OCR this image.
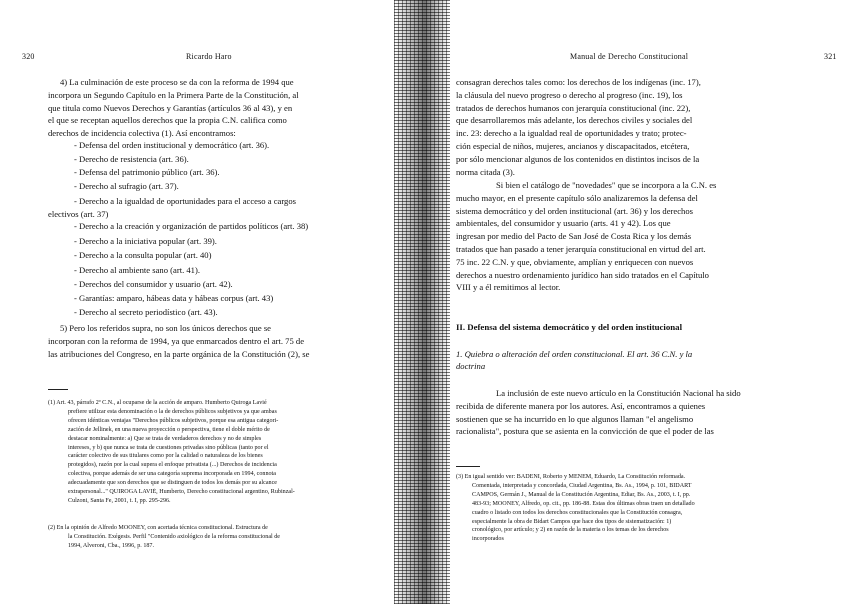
320	Ricardo Haro
4) La culminación de este proceso se da con la reforma de 1994 que
incorpora un Segundo Capítulo en la Primera Parte de la Constitución, al
que titula como Nuevos Derechos y Garantías (artículos 36 al 43), y en
el que se receptan aquellos derechos que la propia C.N. califica como
derechos de incidencia colectiva (1). Así encontramos:
- Defensa del orden institucional y democrático (art. 36).
- Derecho de resistencia (art. 36).
- Defensa del patrimonio público (art. 36).
- Derecho al sufragio (art. 37).
- Derecho a la igualdad de oportunidades para el acceso a cargos
electivos (art. 37)
- Derecho a la creación y organización de partidos políticos (art. 38)
- Derecho a la iniciativa popular (art. 39).
- Derecho a la consulta popular (art. 40)
- Derecho al ambiente sano (art. 41).
- Derechos del consumidor y usuario (art. 42).
- Garantías: amparo, hábeas data y hábeas corpus (art. 43)
- Derecho al secreto periodístico (art. 43).
5) Pero los referidos supra, no son los únicos derechos que se
incorporan con la reforma de 1994, ya que enmarcados dentro el art. 75 de
las atribuciones del Congreso, en la parte orgánica de la Constitución (2), se
(1) Art. 43, párrafo 2º C.N., al ocuparse de la acción de amparo. Humberto Quiroga Lavié
prefiere utilizar esta denominación o la de derechos públicos subjetivos ya que ambas
ofrecen idénticas ventajas "Derechos públicos subjetivos, porque esa antigua categori-
zación de Jellinek, en una nueva proyección o perspectiva, tiene el doble mérito de
destacar nominalmente: a) Que se trata de verdaderos derechos y no de simples
intereses, y b) que nunca se trata de cuestiones privadas sino públicas (tanto por el
carácter colectivo de sus titulares como por la calidad o naturaleza de los bienes
protegidos), razón por la cual supera el enfoque privatista (...) Derechos de incidencia
colectiva, porque además de ser una categoría suprema incorporada en 1994, connota
adecuadamente que son derechos que se distinguen de todos los demás por su alcance
extrapersonal..." QUIROGA LAVIÉ, Humberto, Derecho constitucional argentino, Rubinzal-
Culzoni, Santa Fe, 2001, t. I, pp. 295-296.
(2) En la opinión de Alfredo MOONEY, con acertada técnica constitucional. Estructura de
la Constitución. Exégesis. Perfil "Contenido axiológico de la reforma constitucional de
1994, Alveroni, Cba., 1996, p. 187.
Manual de Derecho Constitucional	321
consagran derechos tales como: los derechos de los indígenas (inc. 17),
la cláusula del nuevo progreso o derecho al progreso (inc. 19), los
tratados de derechos humanos con jerarquía constitucional (inc. 22),
que desarrollaremos más adelante, los derechos civiles y sociales del
inc. 23: derecho a la igualdad real de oportunidades y trato; protec-
ción especial de niños, mujeres, ancianos y discapacitados, etcétera,
por sólo mencionar algunos de los contenidos en distintos incisos de la
norma citada (3).
Si bien el catálogo de "novedades" que se incorpora a la C.N. es
mucho mayor, en el presente capítulo sólo analizaremos la defensa del
sistema democrático y del orden institucional (art. 36) y los derechos
ambientales, del consumidor y usuario (arts. 41 y 42). Los que
ingresan por medio del Pacto de San José de Costa Rica y los demás
tratados que han pasado a tener jerarquía constitucional en virtud del art.
75 inc. 22 C.N. y que, obviamente, amplían y enriquecen con nuevos
derechos a nuestro ordenamiento jurídico han sido tratados en el Capítulo
VIII y a él remitimos al lector.
II. Defensa del sistema democrático y del orden institucional
1. Quiebra o alteración del orden constitucional. El art. 36 C.N. y la
doctrina
La inclusión de este nuevo artículo en la Constitución Nacional ha sido
recibida de diferente manera por los autores. Así, encontramos a quienes
sostienen que se ha incurrido en lo que algunos llaman "el angelismo
racionalista", postura que se asienta en la convicción de que el poder de las
(3) En igual sentido ver: BADENI, Roberto y MENEM, Eduardo, La Constitución reformada.
Comentada, interpretada y concordada, Ciudad Argentina, Bs. As., 1994, p. 101, BIDART
CAMPOS, Germán J., Manual de la Constitución Argentina, Ediar, Bs. As., 2003, t. I, pp.
483-93; MOONEY, Alfredo, op. cit., pp. 186-88. Estas dos últimas obras traen un detallado
cuadro o listado con todos los derechos constitucionales que la Constitución consagra,
especialmente la obra de Bidart Campos que hace dos tipos de sistematización: 1)
cronológico, por artículo; y 2) en razón de la materia o los temas de los derechos
incorporados
